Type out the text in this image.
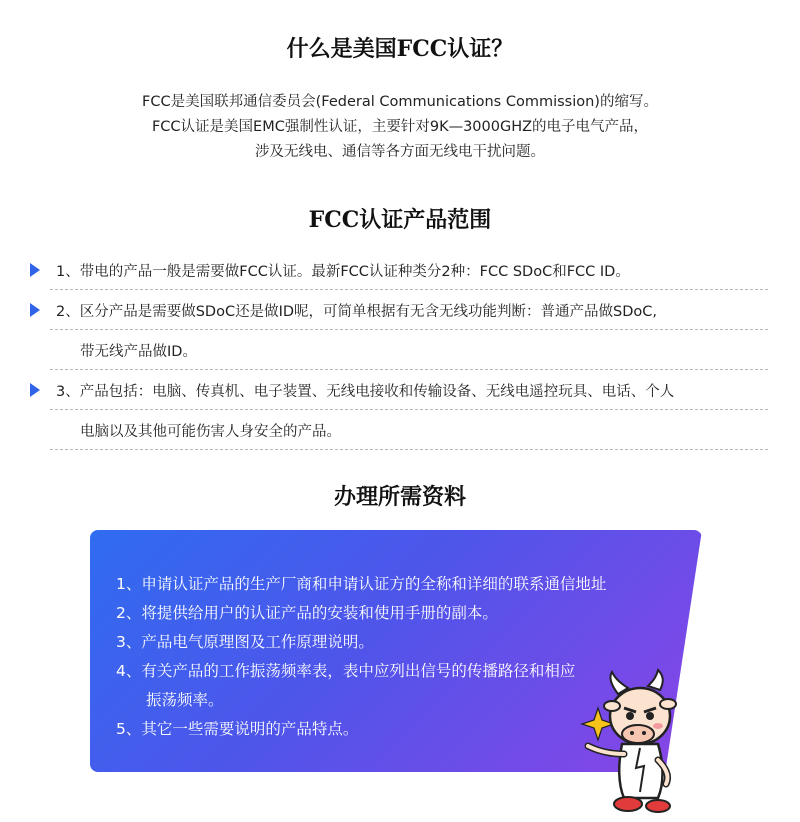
什么是美国FCC认证？
FCC是美国联邦通信委员会(Federal Communications Commission)的缩写。
FCC认证是美国EMC强制性认证，主要针对9K—3000GHZ的电子电气产品，
涉及无线电、通信等各方面无线电干扰问题。
FCC认证产品范围
1、带电的产品一般是需要做FCC认证。最新FCC认证种类分2种：FCC SDoC和FCC ID。
2、区分产品是需要做SDoC还是做ID呢，可简单根据有无含无线功能判断：普通产品做SDoC,
带无线产品做ID。
3、产品包括：电脑、传真机、电子装置、无线电接收和传输设备、无线电遥控玩具、电话、个人
电脑以及其他可能伤害人身安全的产品。
办理所需资料
1、申请认证产品的生产厂商和申请认证方的全称和详细的联系通信地址
2、将提供给用户的认证产品的安装和使用手册的副本。
3、产品电气原理图及工作原理说明。
4、有关产品的工作振荡频率表，表中应列出信号的传播路径和相应
振荡频率。
5、其它一些需要说明的产品特点。
